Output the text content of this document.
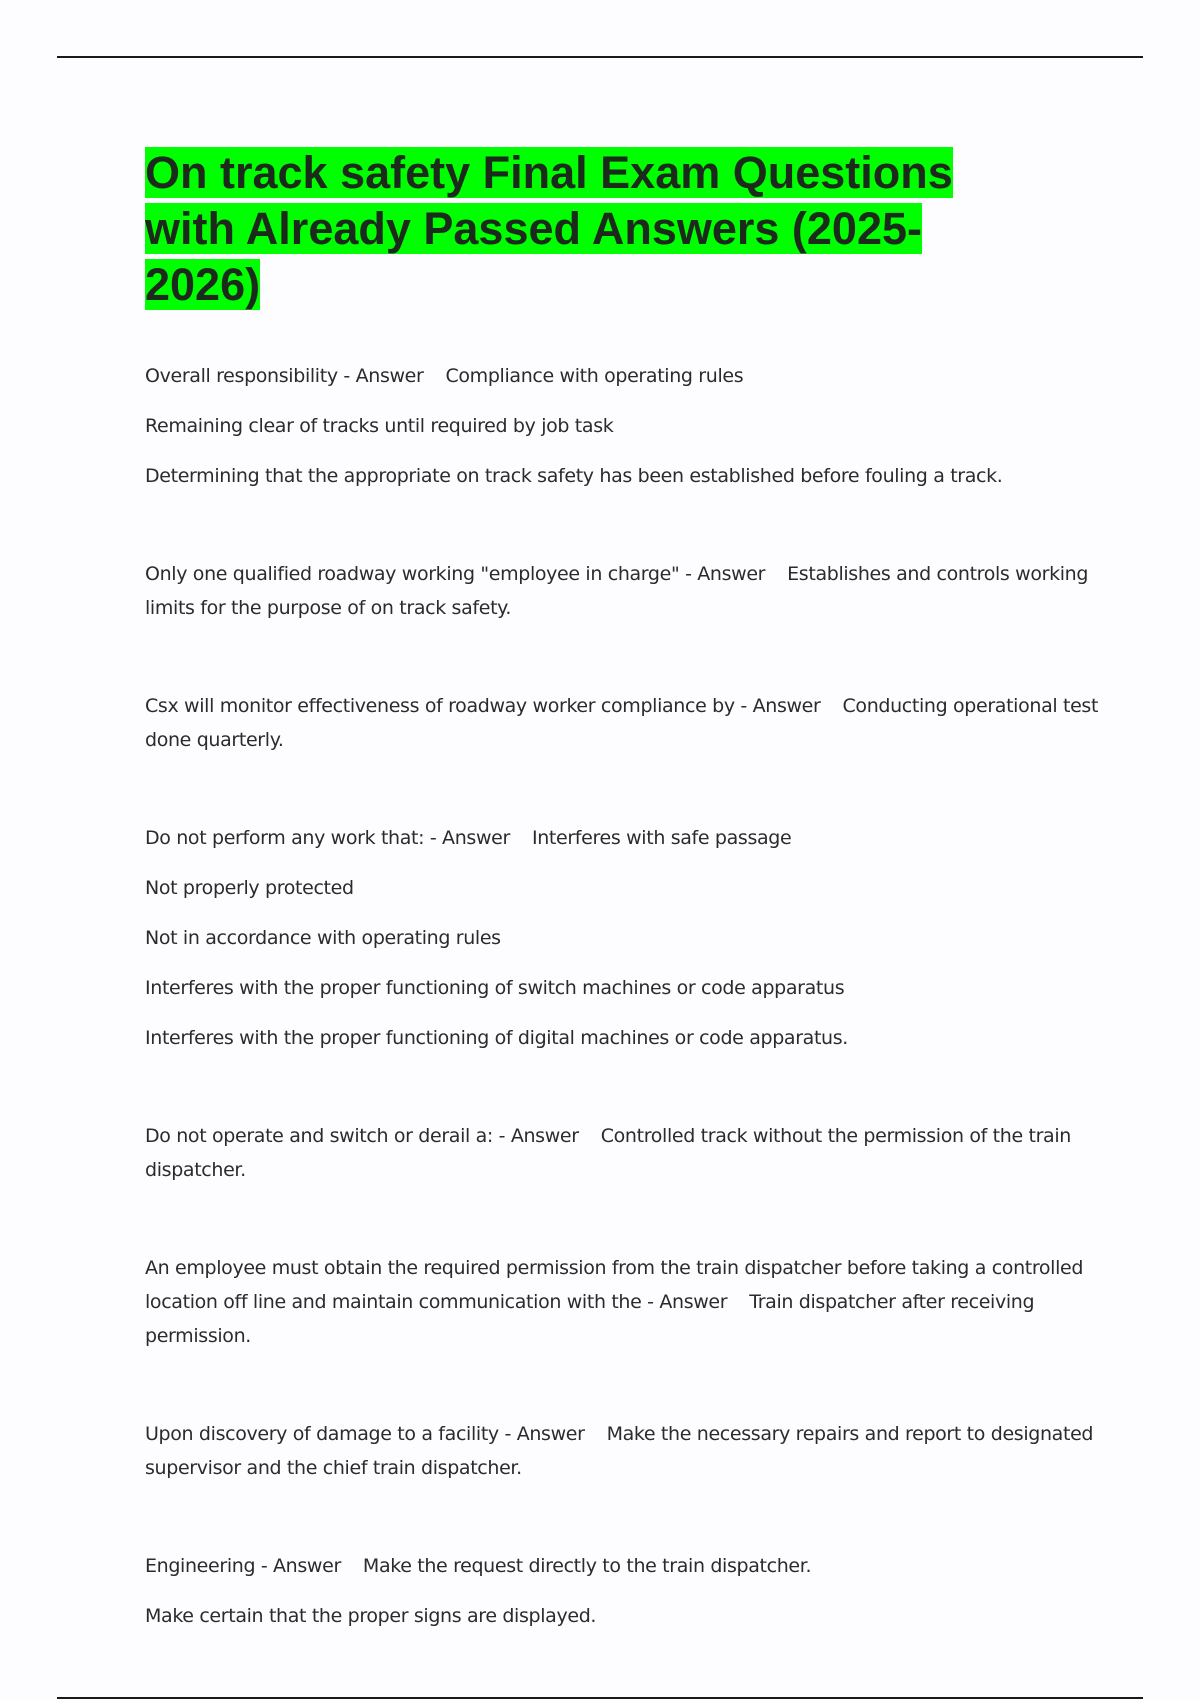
On track safety Final Exam Questions with Already Passed Answers (2025-2026)
Overall responsibility - Answer Compliance with operating rules
Remaining clear of tracks until required by job task
Determining that the appropriate on track safety has been established before fouling a track.
Only one qualified roadway working "employee in charge" - Answer Establishes and controls working limits for the purpose of on track safety.
Csx will monitor effectiveness of roadway worker compliance by - Answer Conducting operational test done quarterly.
Do not perform any work that: - Answer Interferes with safe passage
Not properly protected
Not in accordance with operating rules
Interferes with the proper functioning of switch machines or code apparatus
Interferes with the proper functioning of digital machines or code apparatus.
Do not operate and switch or derail a: - Answer Controlled track without the permission of the train dispatcher.
An employee must obtain the required permission from the train dispatcher before taking a controlled location off line and maintain communication with the - Answer Train dispatcher after receiving permission.
Upon discovery of damage to a facility - Answer Make the necessary repairs and report to designated supervisor and the chief train dispatcher.
Engineering - Answer Make the request directly to the train dispatcher.
Make certain that the proper signs are displayed.
